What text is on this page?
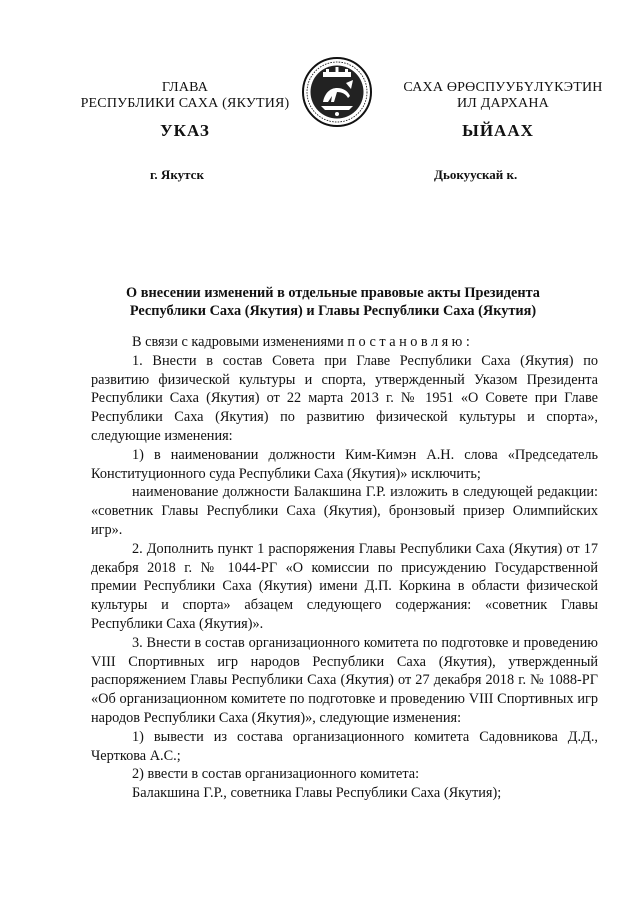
ГЛАВА
РЕСПУБЛИКИ САХА (ЯКУТИЯ)
САХА ӨРӨСПУУБҮЛҮКЭТИН
ИЛ ДАРХАНА
УКАЗ	ЫЙААХ
г. Якутск	Дьокуускай к.
О внесении изменений в отдельные правовые акты Президента
Республики Саха (Якутия) и Главы Республики Саха (Якутия)

В связи с кадровыми изменениями постановляю:

1. Внести в состав Совета при Главе Республики Саха (Якутия) по развитию физической культуры и спорта, утвержденный Указом Президента Республики Саха (Якутия) от 22 марта 2013 г. № 1951 «О Совете при Главе Республики Саха (Якутия) по развитию физической культуры и спорта», следующие изменения:

1) в наименовании должности Ким-Кимэн А.Н. слова «Председатель Конституционного суда Республики Саха (Якутия)» исключить;

наименование должности Балакшина Г.Р. изложить в следующей редакции: «советник Главы Республики Саха (Якутия), бронзовый призер Олимпийских игр».

2. Дополнить пункт 1 распоряжения Главы Республики Саха (Якутия) от 17 декабря 2018 г. № 1044-РГ «О комиссии по присуждению Государственной премии Республики Саха (Якутия) имени Д.П. Коркина в области физической культуры и спорта» абзацем следующего содержания: «советник Главы Республики Саха (Якутия)».

3. Внести в состав организационного комитета по подготовке и проведению VIII Спортивных игр народов Республики Саха (Якутия), утвержденный распоряжением Главы Республики Саха (Якутия) от 27 декабря 2018 г. № 1088-РГ «Об организационном комитете по подготовке и проведению VIII Спортивных игр народов Республики Саха (Якутия)», следующие изменения:

1) вывести из состава организационного комитета Садовникова Д.Д., Черткова А.С.;

2) ввести в состав организационного комитета:

Балакшина Г.Р., советника Главы Республики Саха (Якутия);
